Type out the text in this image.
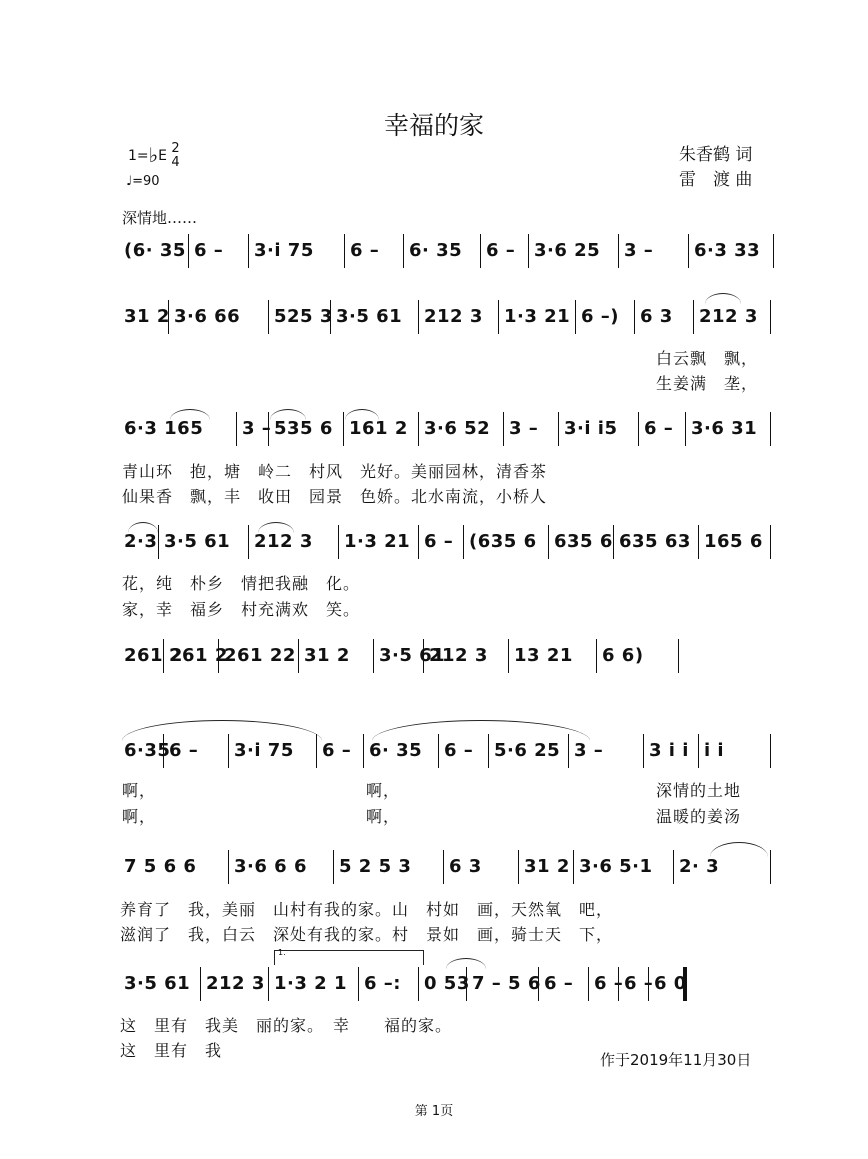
幸福的家
1=♭E 2
4
♩=90
朱香鹤 词
雷　渡 曲
深情地……
(6· 35 6 – 3·i 75 6 – 6· 35 6 – 3·6 25 3 – 6·3 33
31 2 3·6 66 525 3 3·5 61 212 3 1·3 21 6 –) 6 3 212 3
6·3 165 3 – 535 6 161 2 3·6 52 3 – 3·i i5 6 – 3·6 31
2·3 3·5 61 212 3 1·3 21 6 – (635 6 635 6 635 63 165 6
261 2
261 2
261 22 31 2 3·5 61
212 3 13 21 6 6)
6·35
6 – 3·i 75 6 – 6· 35 6 – 5·6 25 3 –	3 i i i i
7 5 6 6 3·6 6 6 5 2 5 3 6 3 31 2 3·6 5·1 2· 3
3·5 61 212 3 1·3 2 1 6 –: 0 53 7 – 5 6 6 – 6 – 6 – 6 0
1.
白云飘　飘，
生姜满　垄，
青山环　抱，塘　岭二　村风　光好。美丽园林，清香茶
仙果香　飘，丰　收田　园景　色娇。北水南流，小桥人
花，纯　朴乡　情把我融　化。
家，幸　福乡　村充满欢　笑。
啊，	啊，	深情的土地
啊，	啊，	温暖的姜汤
养育了　我，美丽　山村有我的家。山　村如　画，天然氧　吧，
滋润了　我，白云　深处有我的家。村　景如　画，骑士天　下，
这　里有　我美　丽的家。　幸　　福的家。
这　里有　我	作于2019年11月30日
第 1页
